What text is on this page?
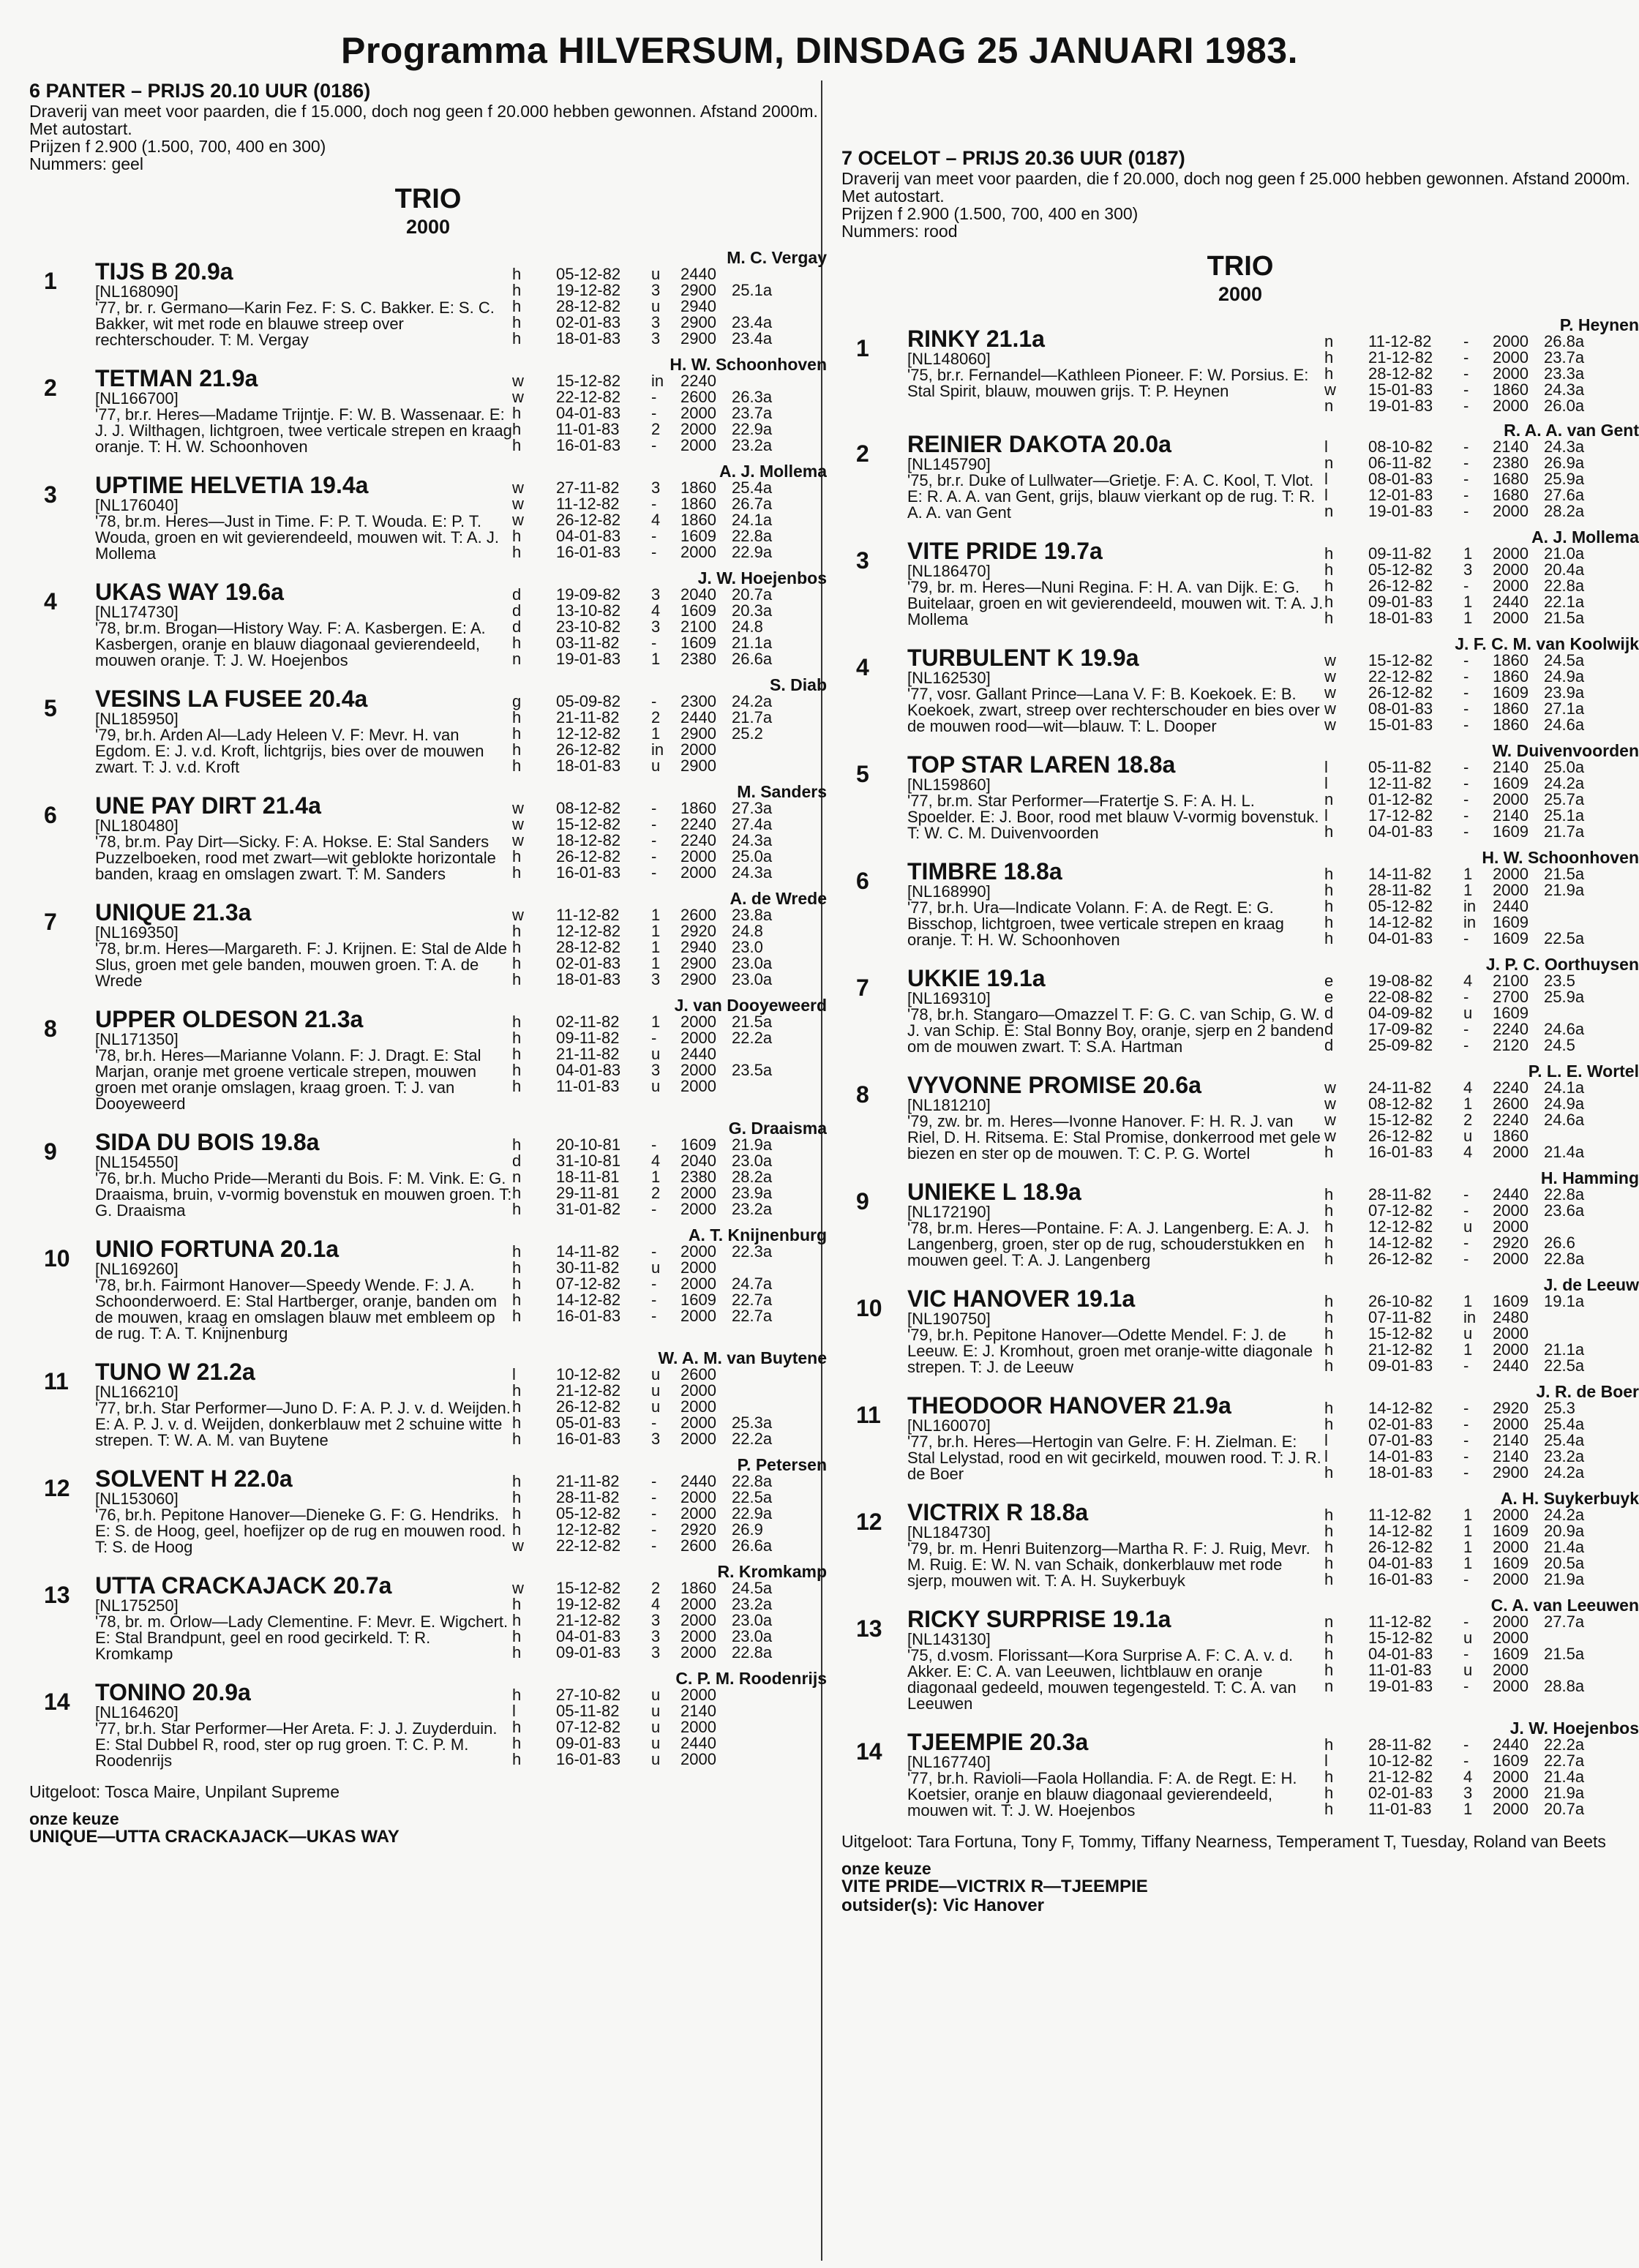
Programma HILVERSUM, DINSDAG 25 JANUARI 1983.
6 PANTER – PRIJS 20.10 UUR (0186)
Draverij van meet voor paarden, die f 15.000, doch nog geen f 20.000 hebben gewonnen. Afstand 2000m. Met autostart.
Prijzen f 2.900 (1.500, 700, 400 en 300)
Nummers: geel
TRIO
2000
1	TIJS B 20.9a
[NL168090]
'77, br. r. Germano—Karin Fez. F: S. C. Bakker. E: S. C. Bakker, wit met rode en blauwe streep over rechterschouder. T: M. Vergay
M. C. Vergay
h	05-12-82	u	2440
h	19-12-82	3	2900 25.1a
h	28-12-82	u	2940
h	02-01-83	3	2900 23.4a
h	18-01-83	3	2900 23.4a
2	TETMAN 21.9a
[NL166700]
'77, br.r. Heres—Madame Trijntje. F: W. B. Wassenaar. E: J. J. Wilthagen, lichtgroen, twee verticale strepen en kraag oranje. T: H. W. Schoonhoven
H. W. Schoonhoven
w	15-12-82	in	2240
w	22-12-82	-	2600 26.3a
h	04-01-83	-	2000 23.7a
h	11-01-83	2	2000 22.9a
h	16-01-83	-	2000 23.2a
3	UPTIME HELVETIA 19.4a
[NL176040]
'78, br.m. Heres—Just in Time. F: P. T. Wouda. E: P. T. Wouda, groen en wit gevierendeeld, mouwen wit. T: A. J. Mollema
A. J. Mollema
w	27-11-82	3	1860 25.4a
w	11-12-82	-	1860 26.7a
w	26-12-82	4	1860 24.1a
h	04-01-83	-	1609 22.8a
h	16-01-83	-	2000 22.9a
4	UKAS WAY 19.6a
[NL174730]
'78, br.m. Brogan—History Way. F: A. Kasbergen. E: A. Kasbergen, oranje en blauw diagonaal gevierendeeld, mouwen oranje. T: J. W. Hoejenbos
J. W. Hoejenbos
d	19-09-82	3	2040 20.7a
d	13-10-82	4	1609 20.3a
d	23-10-82	3	2100 24.8
h	03-11-82	-	1609 21.1a
n	19-01-83	1	2380 26.6a
5	VESINS LA FUSEE 20.4a
[NL185950]
'79, br.h. Arden Al—Lady Heleen V. F: Mevr. H. van Egdom. E: J. v.d. Kroft, lichtgrijs, bies over de mouwen zwart. T: J. v.d. Kroft
S. Diab
g	05-09-82	-	2300 24.2a
h	21-11-82	2	2440 21.7a
h	12-12-82	1	2900 25.2
h	26-12-82	in	2000
h	18-01-83	u	2900
6	UNE PAY DIRT 21.4a
[NL180480]
'78, br.m. Pay Dirt—Sicky. F: A. Hokse. E: Stal Sanders Puzzelboeken, rood met zwart—wit geblokte horizontale banden, kraag en omslagen zwart. T: M. Sanders
M. Sanders
w	08-12-82	-	1860 27.3a
w	15-12-82	-	2240 27.4a
w	18-12-82	-	2240 24.3a
h	26-12-82	-	2000 25.0a
h	16-01-83	-	2000 24.3a
7	UNIQUE 21.3a
[NL169350]
'78, br.m. Heres—Margareth. F: J. Krijnen. E: Stal de Alde Slus, groen met gele banden, mouwen groen. T: A. de Wrede
A. de Wrede
w	11-12-82	1	2600 23.8a
h	12-12-82	1	2920 24.8
h	28-12-82	1	2940 23.0
h	02-01-83	1	2900 23.0a
h	18-01-83	3	2900 23.0a
8	UPPER OLDESON 21.3a
[NL171350]
'78, br.h. Heres—Marianne Volann. F: J. Dragt. E: Stal Marjan, oranje met groene verticale strepen, mouwen groen met oranje omslagen, kraag groen. T: J. van Dooyeweerd
J. van Dooyeweerd
h	02-11-82	1	2000 21.5a
h	09-11-82	-	2000 22.2a
h	21-11-82	u	2440
h	04-01-83	3	2000 23.5a
h	11-01-83	u	2000
9	SIDA DU BOIS 19.8a
[NL154550]
'76, br.h. Mucho Pride—Meranti du Bois. F: M. Vink. E: G. Draaisma, bruin, v-vormig bovenstuk en mouwen groen. T: G. Draaisma
G. Draaisma
h	20-10-81	-	1609 21.9a
d	31-10-81	4	2040 23.0a
n	18-11-81	1	2380 28.2a
h	29-11-81	2	2000 23.9a
h	31-01-82	-	2000 23.2a
10	UNIO FORTUNA 20.1a
[NL169260]
'78, br.h. Fairmont Hanover—Speedy Wende. F: J. A. Schoonderwoerd. E: Stal Hartberger, oranje, banden om de mouwen, kraag en omslagen blauw met embleem op de rug. T: A. T. Knijnenburg
A. T. Knijnenburg
h	14-11-82	-	2000 22.3a
h	30-11-82	u	2000
h	07-12-82	-	2000 24.7a
h	14-12-82	-	1609 22.7a
h	16-01-83	-	2000 22.7a
11	TUNO W 21.2a
[NL166210]
'77, br.h. Star Performer—Juno D. F: A. P. J. v. d. Weijden. E: A. P. J. v. d. Weijden, donkerblauw met 2 schuine witte strepen. T: W. A. M. van Buytene
W. A. M. van Buytene
l	10-12-82	u	2600
h	21-12-82	u	2000
h	26-12-82	u	2000
h	05-01-83	-	2000 25.3a
h	16-01-83	3	2000 22.2a
12	SOLVENT H 22.0a
[NL153060]
'76, br.h. Pepitone Hanover—Dieneke G. F: G. Hendriks. E: S. de Hoog, geel, hoefijzer op de rug en mouwen rood. T: S. de Hoog
P. Petersen
h	21-11-82	-	2440 22.8a
h	28-11-82	-	2000 22.5a
h	05-12-82	-	2000 22.9a
h	12-12-82	-	2920 26.9
w	22-12-82	-	2600 26.6a
13	UTTA CRACKAJACK 20.7a
[NL175250]
'78, br. m. Orlow—Lady Clementine. F: Mevr. E. Wigchert. E: Stal Brandpunt, geel en rood gecirkeld. T: R. Kromkamp
R. Kromkamp
w	15-12-82	2	1860 24.5a
h	19-12-82	4	2000 23.2a
h	21-12-82	3	2000 23.0a
h	04-01-83	3	2000 23.0a
h	09-01-83	3	2000 22.8a
14	TONINO 20.9a
[NL164620]
'77, br.h. Star Performer—Her Areta. F: J. J. Zuyderduin. E: Stal Dubbel R, rood, ster op rug groen. T: C. P. M. Roodenrijs
C. P. M. Roodenrijs
h	27-10-82	u	2000
l	05-11-82	u	2140
h	07-12-82	u	2000
h	09-01-83	u	2440
h	16-01-83	u	2000
Uitgeloot: Tosca Maire, Unpilant Supreme
onze keuze
UNIQUE—UTTA CRACKAJACK—UKAS WAY
7 OCELOT – PRIJS 20.36 UUR (0187)
Draverij van meet voor paarden, die f 20.000, doch nog geen f 25.000 hebben gewonnen. Afstand 2000m. Met autostart.
Prijzen f 2.900 (1.500, 700, 400 en 300)
Nummers: rood
TRIO
2000
1	RINKY 21.1a
[NL148060]
'75, br.r. Fernandel—Kathleen Pioneer. F: W. Porsius. E: Stal Spirit, blauw, mouwen grijs. T: P. Heynen
P. Heynen
n	11-12-82	-	2000 26.8a
h	21-12-82	-	2000 23.7a
h	28-12-82	-	2000 23.3a
w	15-01-83	-	1860 24.3a
n	19-01-83	-	2000 26.0a
2	REINIER DAKOTA 20.0a
[NL145790]
'75, br.r. Duke of Lullwater—Grietje. F: A. C. Kool, T. Vlot. E: R. A. A. van Gent, grijs, blauw vierkant op de rug. T: R. A. A. van Gent
R. A. A. van Gent
l	08-10-82	-	2140 24.3a
n	06-11-82	-	2380 26.9a
l	08-01-83	-	1680 25.9a
l	12-01-83	-	1680 27.6a
n	19-01-83	-	2000 28.2a
3	VITE PRIDE 19.7a
[NL186470]
'79, br. m. Heres—Nuni Regina. F: H. A. van Dijk. E: G. Buitelaar, groen en wit gevierendeeld, mouwen wit. T: A. J. Mollema
A. J. Mollema
h	09-11-82	1	2000 21.0a
h	05-12-82	3	2000 20.4a
h	26-12-82	-	2000 22.8a
h	09-01-83	1	2440 22.1a
h	18-01-83	1	2000 21.5a
4	TURBULENT K 19.9a
[NL162530]
'77, vosr. Gallant Prince—Lana V. F: B. Koekoek. E: B. Koekoek, zwart, streep over rechterschouder en bies over de mouwen rood—wit—blauw. T: L. Dooper
J. F. C. M. van Koolwijk
w	15-12-82	-	1860 24.5a
w	22-12-82	-	1860 24.9a
w	26-12-82	-	1609 23.9a
w	08-01-83	-	1860 27.1a
w	15-01-83	-	1860 24.6a
5	TOP STAR LAREN 18.8a
[NL159860]
'77, br.m. Star Performer—Fratertje S. F: A. H. L. Spoelder. E: J. Boor, rood met blauw V-vormig bovenstuk. T: W. C. M. Duivenvoorden
W. Duivenvoorden
l	05-11-82	-	2140 25.0a
l	12-11-82	-	1609 24.2a
n	01-12-82	-	2000 25.7a
l	17-12-82	-	2140 25.1a
h	04-01-83	-	1609 21.7a
6	TIMBRE 18.8a
[NL168990]
'77, br.h. Ura—Indicate Volann. F: A. de Regt. E: G. Bisschop, lichtgroen, twee verticale strepen en kraag oranje. T: H. W. Schoonhoven
H. W. Schoonhoven
h	14-11-82	1	2000 21.5a
h	28-11-82	1	2000 21.9a
h	05-12-82	in	2440
h	14-12-82	in	1609
h	04-01-83	-	1609 22.5a
7	UKKIE 19.1a
[NL169310]
'78, br.h. Stangaro—Omazzel T. F: G. C. van Schip, G. W. J. van Schip. E: Stal Bonny Boy, oranje, sjerp en 2 banden om de mouwen zwart. T: S.A. Hartman
J. P. C. Oorthuysen
e	19-08-82	4	2100 23.5
e	22-08-82	-	2700 25.9a
d	04-09-82	u	1609
d	17-09-82	-	2240 24.6a
d	25-09-82	-	2120 24.5
8	VYVONNE PROMISE 20.6a
[NL181210]
'79, zw. br. m. Heres—Ivonne Hanover. F: H. R. J. van Riel, D. H. Ritsema. E: Stal Promise, donkerrood met gele biezen en ster op de mouwen. T: C. P. G. Wortel
P. L. E. Wortel
w	24-11-82	4	2240 24.1a
w	08-12-82	1	2600 24.9a
w	15-12-82	2	2240 24.6a
w	26-12-82	u	1860
h	16-01-83	4	2000 21.4a
9	UNIEKE L 18.9a
[NL172190]
'78, br.m. Heres—Pontaine. F: A. J. Langenberg. E: A. J. Langenberg, groen, ster op de rug, schouderstukken en mouwen geel. T: A. J. Langenberg
H. Hamming
h	28-11-82	-	2440 22.8a
h	07-12-82	-	2000 23.6a
h	12-12-82	u	2000
h	14-12-82	-	2920 26.6
h	26-12-82	-	2000 22.8a
10	VIC HANOVER 19.1a
[NL190750]
'79, br.h. Pepitone Hanover—Odette Mendel. F: J. de Leeuw. E: J. Kromhout, groen met oranje-witte diagonale strepen. T: J. de Leeuw
J. de Leeuw
h	26-10-82	1	1609 19.1a
h	07-11-82	in	2480
h	15-12-82	u	2000
h	21-12-82	1	2000 21.1a
h	09-01-83	-	2440 22.5a
11	THEODOOR HANOVER 21.9a
[NL160070]
'77, br.h. Heres—Hertogin van Gelre. F: H. Zielman. E: Stal Lelystad, rood en wit gecirkeld, mouwen rood. T: J. R. de Boer
J. R. de Boer
h	14-12-82	-	2920 25.3
h	02-01-83	-	2000 25.4a
l	07-01-83	-	2140 25.4a
l	14-01-83	-	2140 23.2a
h	18-01-83	-	2900 24.2a
12	VICTRIX R 18.8a
[NL184730]
'79, br. m. Henri Buitenzorg—Martha R. F: J. Ruig, Mevr. M. Ruig. E: W. N. van Schaik, donkerblauw met rode sjerp, mouwen wit. T: A. H. Suykerbuyk
A. H. Suykerbuyk
h	11-12-82	1	2000 24.2a
h	14-12-82	1	1609 20.9a
h	26-12-82	1	2000 21.4a
h	04-01-83	1	1609 20.5a
h	16-01-83	-	2000 21.9a
13	RICKY SURPRISE 19.1a
[NL143130]
'75, d.vosm. Florissant—Kora Surprise A. F: C. A. v. d. Akker. E: C. A. van Leeuwen, lichtblauw en oranje diagonaal gedeeld, mouwen tegengesteld. T: C. A. van Leeuwen
C. A. van Leeuwen
n	11-12-82	-	2000 27.7a
h	15-12-82	u	2000
h	04-01-83	-	1609 21.5a
h	11-01-83	u	2000
n	19-01-83	-	2000 28.8a
14	TJEEMPIE 20.3a
[NL167740]
'77, br.h. Ravioli—Faola Hollandia. F: A. de Regt. E: H. Koetsier, oranje en blauw diagonaal gevierendeeld, mouwen wit. T: J. W. Hoejenbos
J. W. Hoejenbos
h	28-11-82	-	2440 22.2a
l	10-12-82	-	1609 22.7a
h	21-12-82	4	2000 21.4a
h	02-01-83	3	2000 21.9a
h	11-01-83	1	2000 20.7a
Uitgeloot: Tara Fortuna, Tony F, Tommy, Tiffany Nearness, Temperament T, Tuesday, Roland van Beets
onze keuze
VITE PRIDE—VICTRIX R—TJEEMPIE
outsider(s): Vic Hanover
